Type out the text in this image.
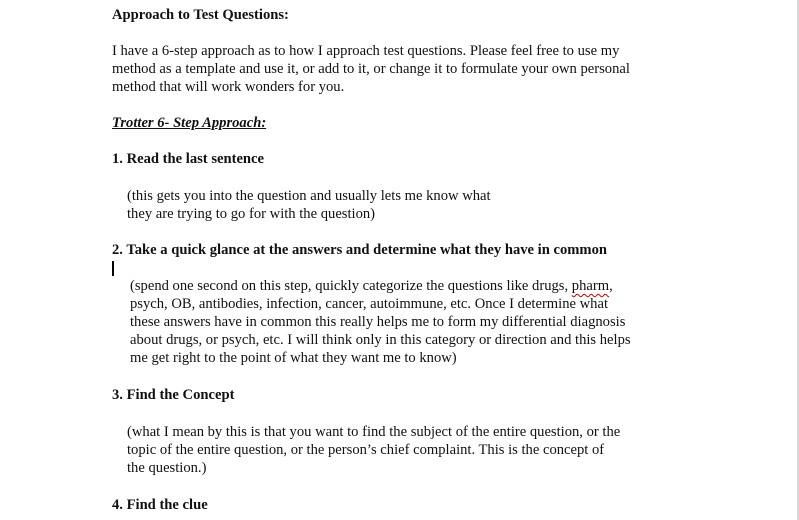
Approach to Test Questions:
I have a 6-step approach as to how I approach test questions. Please feel free to use my
method as a template and use it, or add to it, or change it to formulate your own personal
method that will work wonders for you.
Trotter 6- Step Approach:
1. Read the last sentence
(this gets you into the question and usually lets me know what
they are trying to go for with the question)
2. Take a quick glance at the answers and determine what they have in common
(spend one second on this step, quickly categorize the questions like drugs, pharm,
psych, OB, antibodies, infection, cancer, autoimmune, etc. Once I determine what
these answers have in common this really helps me to form my differential diagnosis
about drugs, or psych, etc. I will think only in this category or direction and this helps
me get right to the point of what they want me to know)
3. Find the Concept
(what I mean by this is that you want to find the subject of the entire question, or the
topic of the entire question, or the person’s chief complaint. This is the concept of
the question.)
4. Find the clue
